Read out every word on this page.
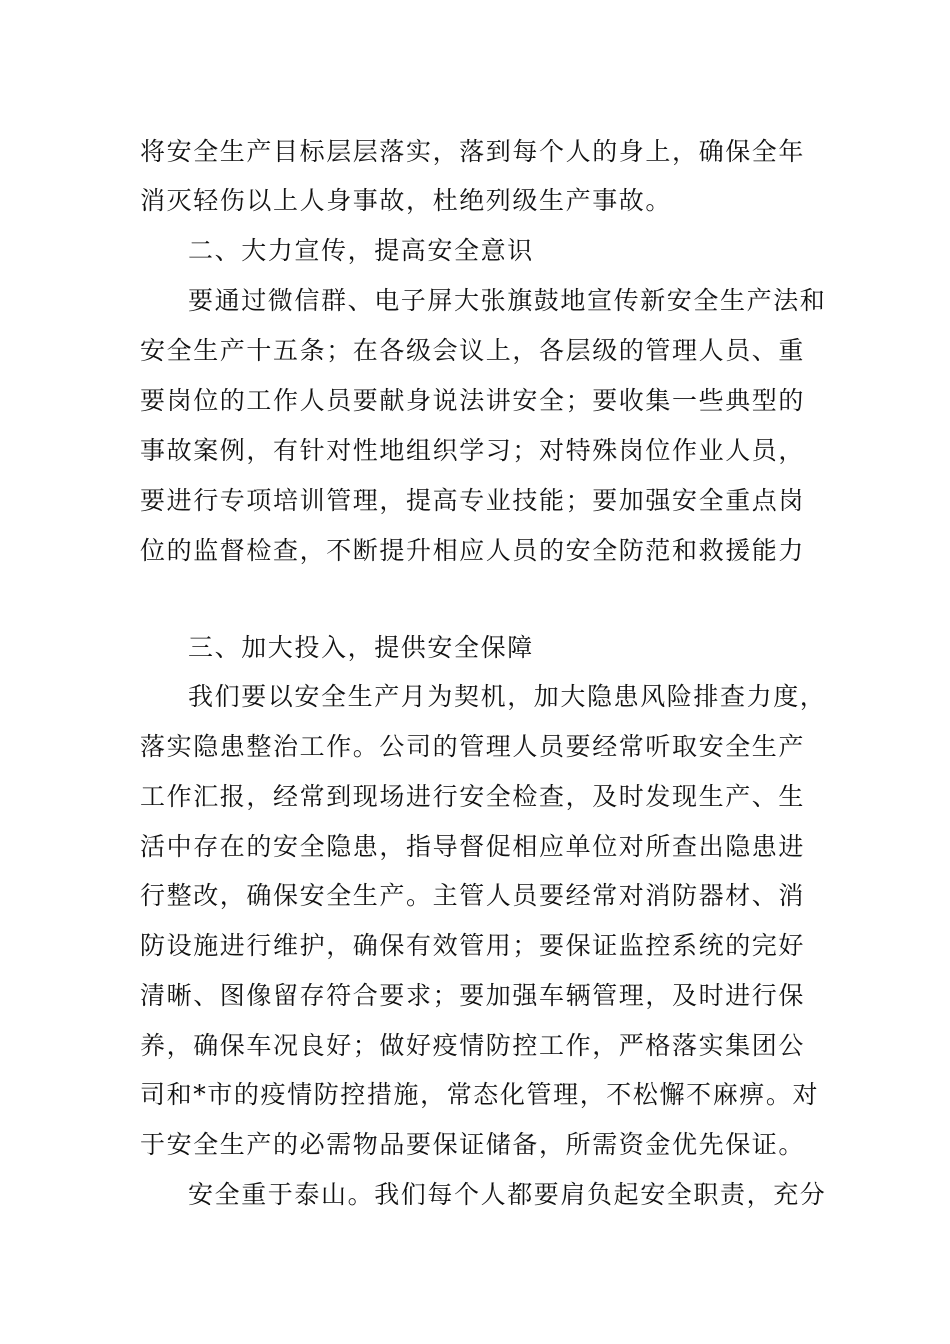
将安全生产目标层层落实，落到每个人的身上，确保全年
消灭轻伤以上人身事故，杜绝列级生产事故。
二、大力宣传，提高安全意识
要通过微信群、电子屏大张旗鼓地宣传新安全生产法和
安全生产十五条；在各级会议上，各层级的管理人员、重
要岗位的工作人员要献身说法讲安全；要收集一些典型的
事故案例，有针对性地组织学习；对特殊岗位作业人员，
要进行专项培训管理，提高专业技能；要加强安全重点岗
位的监督检查，不断提升相应人员的安全防范和救援能力
三、加大投入，提供安全保障
我们要以安全生产月为契机，加大隐患风险排查力度，
落实隐患整治工作。公司的管理人员要经常听取安全生产
工作汇报，经常到现场进行安全检查，及时发现生产、生
活中存在的安全隐患，指导督促相应单位对所查出隐患进
行整改，确保安全生产。主管人员要经常对消防器材、消
防设施进行维护，确保有效管用；要保证监控系统的完好
清晰、图像留存符合要求；要加强车辆管理，及时进行保
养，确保车况良好；做好疫情防控工作，严格落实集团公
司和*市的疫情防控措施，常态化管理，不松懈不麻痹。对
于安全生产的必需物品要保证储备，所需资金优先保证。
安全重于泰山。我们每个人都要肩负起安全职责，充分
